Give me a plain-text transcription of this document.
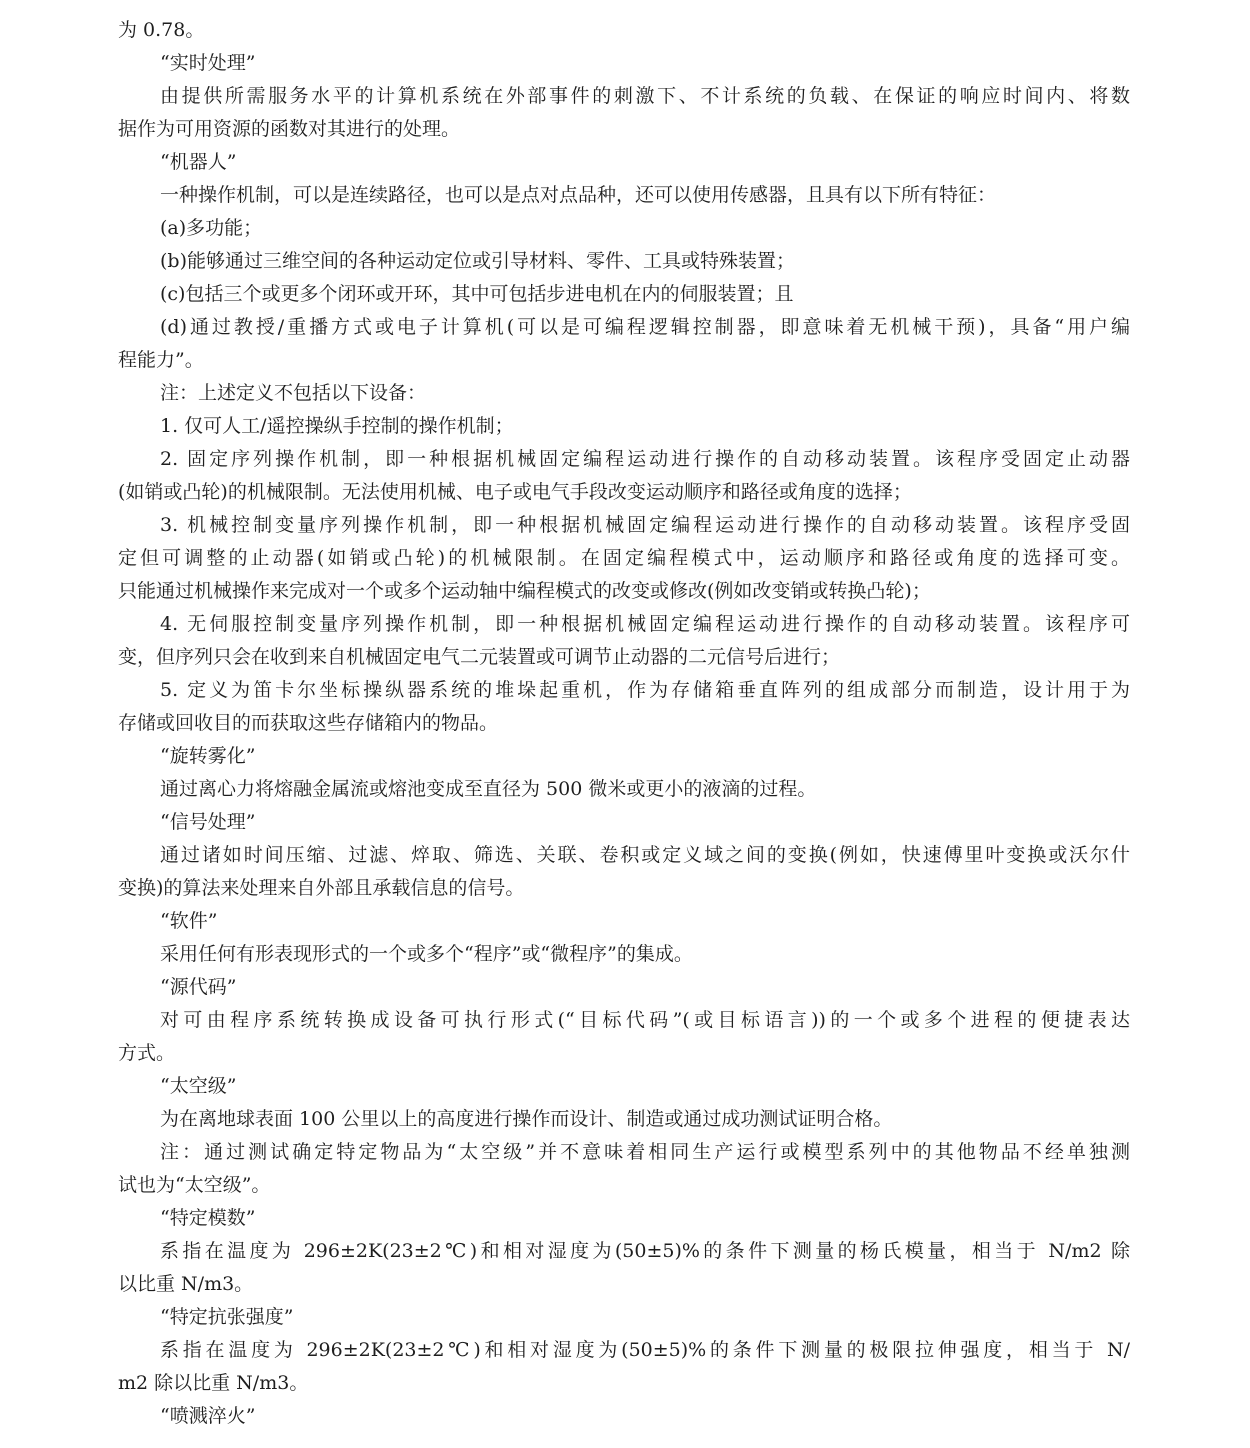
为 0.78。
“实时处理”
由提供所需服务水平的计算机系统在外部事件的刺激下、不计系统的负载、在保证的响应时间内、将数
据作为可用资源的函数对其进行的处理。
“机器人”
一种操作机制，可以是连续路径，也可以是点对点品种，还可以使用传感器，且具有以下所有特征：
(a)多功能；
(b)能够通过三维空间的各种运动定位或引导材料、零件、工具或特殊装置；
(c)包括三个或更多个闭环或开环，其中可包括步进电机在内的伺服装置；且
(d)通过教授/重播方式或电子计算机(可以是可编程逻辑控制器，即意味着无机械干预)，具备“用户编
程能力”。
注：上述定义不包括以下设备：
1. 仅可人工/遥控操纵手控制的操作机制；
2. 固定序列操作机制，即一种根据机械固定编程运动进行操作的自动移动装置。该程序受固定止动器
(如销或凸轮)的机械限制。无法使用机械、电子或电气手段改变运动顺序和路径或角度的选择；
3. 机械控制变量序列操作机制，即一种根据机械固定编程运动进行操作的自动移动装置。该程序受固
定但可调整的止动器(如销或凸轮)的机械限制。在固定编程模式中，运动顺序和路径或角度的选择可变。
只能通过机械操作来完成对一个或多个运动轴中编程模式的改变或修改(例如改变销或转换凸轮)；
4. 无伺服控制变量序列操作机制，即一种根据机械固定编程运动进行操作的自动移动装置。该程序可
变，但序列只会在收到来自机械固定电气二元装置或可调节止动器的二元信号后进行；
5. 定义为笛卡尔坐标操纵器系统的堆垛起重机，作为存储箱垂直阵列的组成部分而制造，设计用于为
存储或回收目的而获取这些存储箱内的物品。
“旋转雾化”
通过离心力将熔融金属流或熔池变成至直径为 500 微米或更小的液滴的过程。
“信号处理”
通过诸如时间压缩、过滤、焠取、筛选、关联、卷积或定义域之间的变换(例如，快速傅里叶变换或沃尔什
变换)的算法来处理来自外部且承载信息的信号。
“软件”
采用任何有形表现形式的一个或多个“程序”或“微程序”的集成。
“源代码”
对可由程序系统转换成设备可执行形式(“目标代码”(或目标语言))的一个或多个进程的便捷表达
方式。
“太空级”
为在离地球表面 100 公里以上的高度进行操作而设计、制造或通过成功测试证明合格。
注：通过测试确定特定物品为“太空级”并不意味着相同生产运行或模型系列中的其他物品不经单独测
试也为“太空级”。
“特定模数”
系指在温度为 296±2K(23±2℃)和相对湿度为(50±5)%的条件下测量的杨氏模量，相当于 N/m2 除
以比重 N/m3。
“特定抗张强度”
系指在温度为 296±2K(23±2℃)和相对湿度为(50±5)%的条件下测量的极限拉伸强度，相当于 N/
m2 除以比重 N/m3。
“喷溅淬火”
